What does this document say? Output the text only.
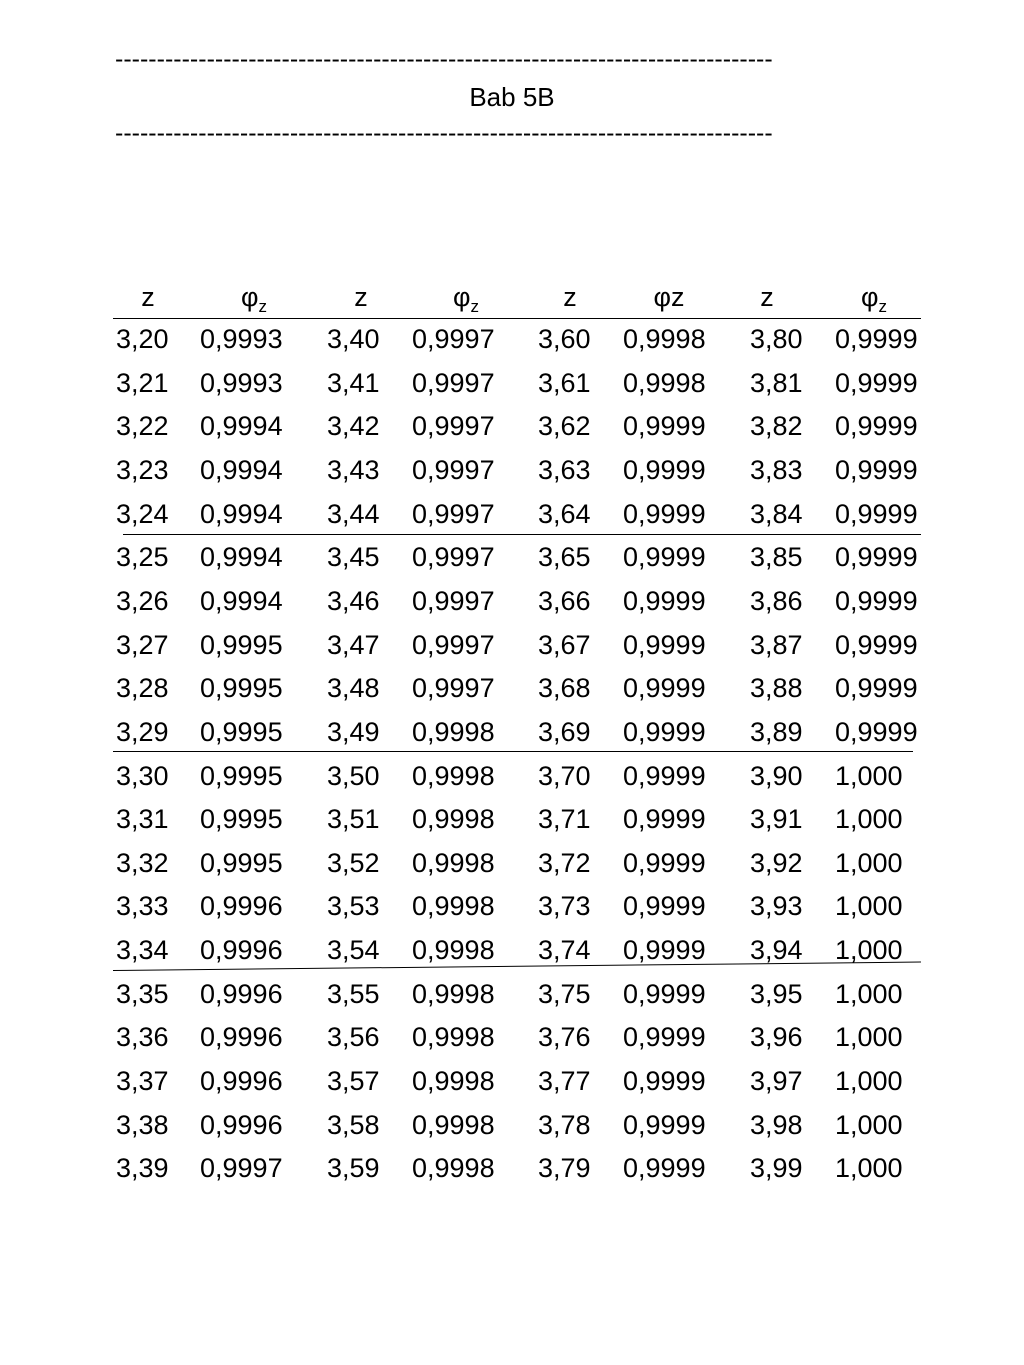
-------------------------------------------------------------------------------
Bab 5B
-------------------------------------------------------------------------------
z	$\varphi_z$	z	$\varphi_z$	z	φz	z	$\varphi_z$
3,20 0,9993 3,40 0,9997 3,60 0,9998 3,80 0,9999
3,21 0,9993 3,41 0,9997 3,61 0,9998 3,81 0,9999
3,22 0,9994 3,42 0,9997 3,62 0,9999 3,82 0,9999
3,23 0,9994 3,43 0,9997 3,63 0,9999 3,83 0,9999
3,24 0,9994 3,44 0,9997 3,64 0,9999 3,84 0,9999
3,25 0,9994 3,45 0,9997 3,65 0,9999 3,85 0,9999
3,26 0,9994 3,46 0,9997 3,66 0,9999 3,86 0,9999
3,27 0,9995 3,47 0,9997 3,67 0,9999 3,87 0,9999
3,28 0,9995 3,48 0,9997 3,68 0,9999 3,88 0,9999
3,29 0,9995 3,49 0,9998 3,69 0,9999 3,89 0,9999
3,30 0,9995 3,50 0,9998 3,70 0,9999 3,90 1,000
3,31 0,9995 3,51 0,9998 3,71 0,9999 3,91 1,000
3,32 0,9995 3,52 0,9998 3,72 0,9999 3,92 1,000
3,33 0,9996 3,53 0,9998 3,73 0,9999 3,93 1,000
3,34 0,9996 3,54 0,9998 3,74 0,9999 3,94 1,000
3,35 0,9996 3,55 0,9998 3,75 0,9999 3,95 1,000
3,36 0,9996 3,56 0,9998 3,76 0,9999 3,96 1,000
3,37 0,9996 3,57 0,9998 3,77 0,9999 3,97 1,000
3,38 0,9996 3,58 0,9998 3,78 0,9999 3,98 1,000
3,39 0,9997 3,59 0,9998 3,79 0,9999 3,99 1,000
